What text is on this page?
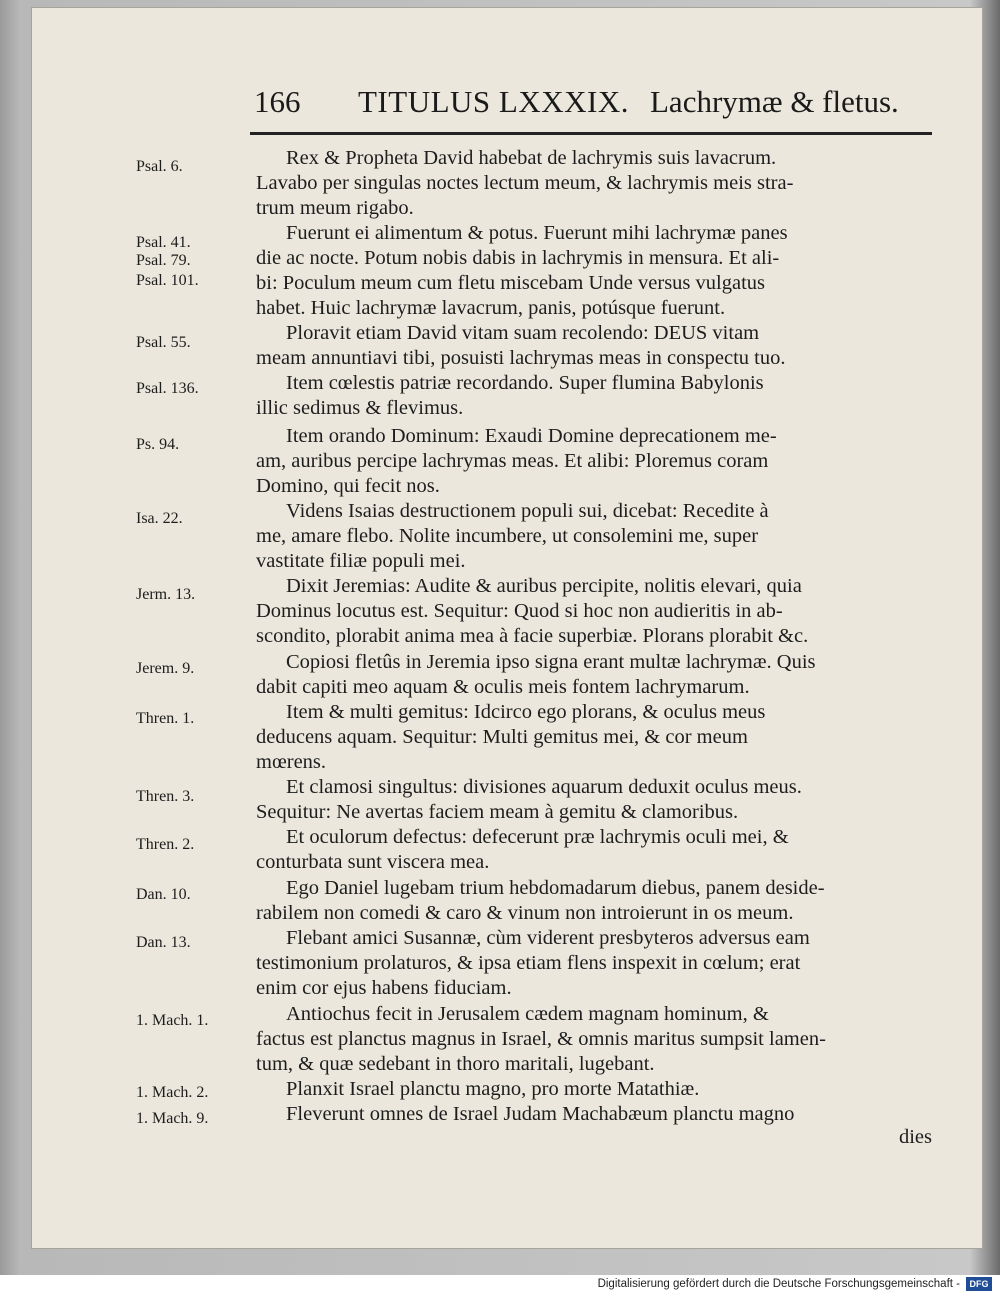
166 TITULUS LXXXIX. Lachrymæ & fletus.
Psal. 6.
Psal. 41.
Psal. 79.
Psal. 101.
Psal. 55.
Psal. 136.
Ps. 94.
Isa. 22.
Jerm. 13.
Jerem. 9.
Thren. 1.
Thren. 3.
Thren. 2.
Dan. 10.
Dan. 13.
1. Mach. 1.
1. Mach. 2.
1. Mach. 9.
Rex & Propheta David habebat de lachrymis suis lavacrum.
Lavabo per singulas noctes lectum meum, & lachrymis meis stra-
trum meum rigabo.
Fuerunt ei alimentum & potus. Fuerunt mihi lachrymæ panes
die ac nocte. Potum nobis dabis in lachrymis in mensura. Et ali-
bi: Poculum meum cum fletu miscebam Unde versus vulgatus
habet. Huic lachrymæ lavacrum, panis, potúsque fuerunt.
Ploravit etiam David vitam suam recolendo: DEUS vitam
meam annuntiavi tibi, posuisti lachrymas meas in conspectu tuo.
Item cœlestis patriæ recordando. Super flumina Babylonis
illic sedimus & flevimus.
Item orando Dominum: Exaudi Domine deprecationem me-
am, auribus percipe lachrymas meas. Et alibi: Ploremus coram
Domino, qui fecit nos.
Videns Isaias destructionem populi sui, dicebat: Recedite à
me, amare flebo. Nolite incumbere, ut consolemini me, super
vastitate filiæ populi mei.
Dixit Jeremias: Audite & auribus percipite, nolitis elevari, quia
Dominus locutus est. Sequitur: Quod si hoc non audieritis in ab-
scondito, plorabit anima mea à facie superbiæ. Plorans plorabit &c.
Copiosi fletûs in Jeremia ipso signa erant multæ lachrymæ. Quis
dabit capiti meo aquam & oculis meis fontem lachrymarum.
Item & multi gemitus: Idcirco ego plorans, & oculus meus
deducens aquam. Sequitur: Multi gemitus mei, & cor meum
mœrens.
Et clamosi singultus: divisiones aquarum deduxit oculus meus.
Sequitur: Ne avertas faciem meam à gemitu & clamoribus.
Et oculorum defectus: defecerunt præ lachrymis oculi mei, &
conturbata sunt viscera mea.
Ego Daniel lugebam trium hebdomadarum diebus, panem deside-
rabilem non comedi & caro & vinum non introierunt in os meum.
Flebant amici Susannæ, cùm viderent presbyteros adversus eam
testimonium prolaturos, & ipsa etiam flens inspexit in cœlum; erat
enim cor ejus habens fiduciam.
Antiochus fecit in Jerusalem cædem magnam hominum, &
factus est planctus magnus in Israel, & omnis maritus sumpsit lamen-
tum, & quæ sedebant in thoro maritali, lugebant.
Planxit Israel planctu magno, pro morte Matathiæ.
Fleverunt omnes de Israel Judam Machabæum planctu magno
dies
Digitalisierung gefördert durch die Deutsche Forschungsgemeinschaft -	DFG
